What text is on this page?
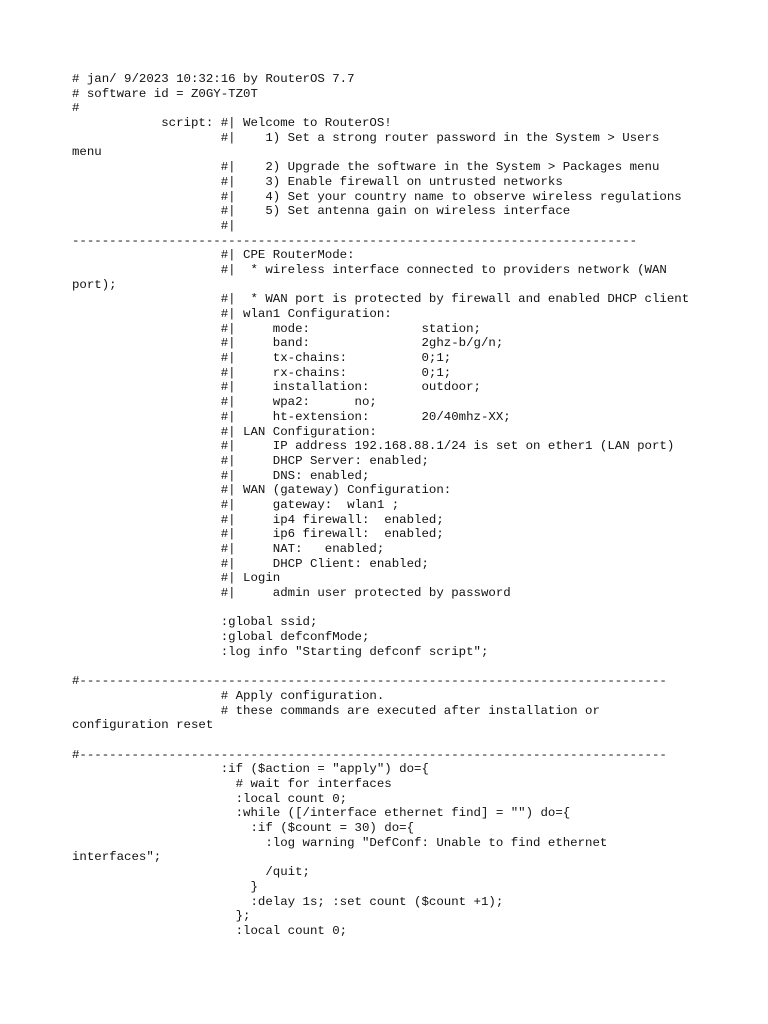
# jan/ 9/2023 10:32:16 by RouterOS 7.7
# software id = Z0GY-TZ0T
#
script: #| Welcome to RouterOS!
#|    1) Set a strong router password in the System > Users
menu
#|    2) Upgrade the software in the System > Packages menu
#|    3) Enable firewall on untrusted networks
#|    4) Set your country name to observe wireless regulations
#|    5) Set antenna gain on wireless interface
#|
----------------------------------------------------------------------------
#| CPE RouterMode:
#|  * wireless interface connected to providers network (WAN
port);
#|  * WAN port is protected by firewall and enabled DHCP client
#| wlan1 Configuration:
#|     mode:               station;
#|     band:               2ghz-b/g/n;
#|     tx-chains:          0;1;
#|     rx-chains:          0;1;
#|     installation:       outdoor;
#|     wpa2:      no;
#|     ht-extension:       20/40mhz-XX;
#| LAN Configuration:
#|     IP address 192.168.88.1/24 is set on ether1 (LAN port)
#|     DHCP Server: enabled;
#|     DNS: enabled;
#| WAN (gateway) Configuration:
#|     gateway:  wlan1 ;
#|     ip4 firewall:  enabled;
#|     ip6 firewall:  enabled;
#|     NAT:   enabled;
#|     DHCP Client: enabled;
#| Login
#|     admin user protected by password
:global ssid;
:global defconfMode;
:log info "Starting defconf script";
#-------------------------------------------------------------------------------
# Apply configuration.
# these commands are executed after installation or
configuration reset
#-------------------------------------------------------------------------------
:if ($action = "apply") do={
# wait for interfaces
:local count 0;
:while ([/interface ethernet find] = "") do={
:if ($count = 30) do={
:log warning "DefConf: Unable to find ethernet
interfaces";
/quit;
}
:delay 1s; :set count ($count +1);
};
:local count 0;
